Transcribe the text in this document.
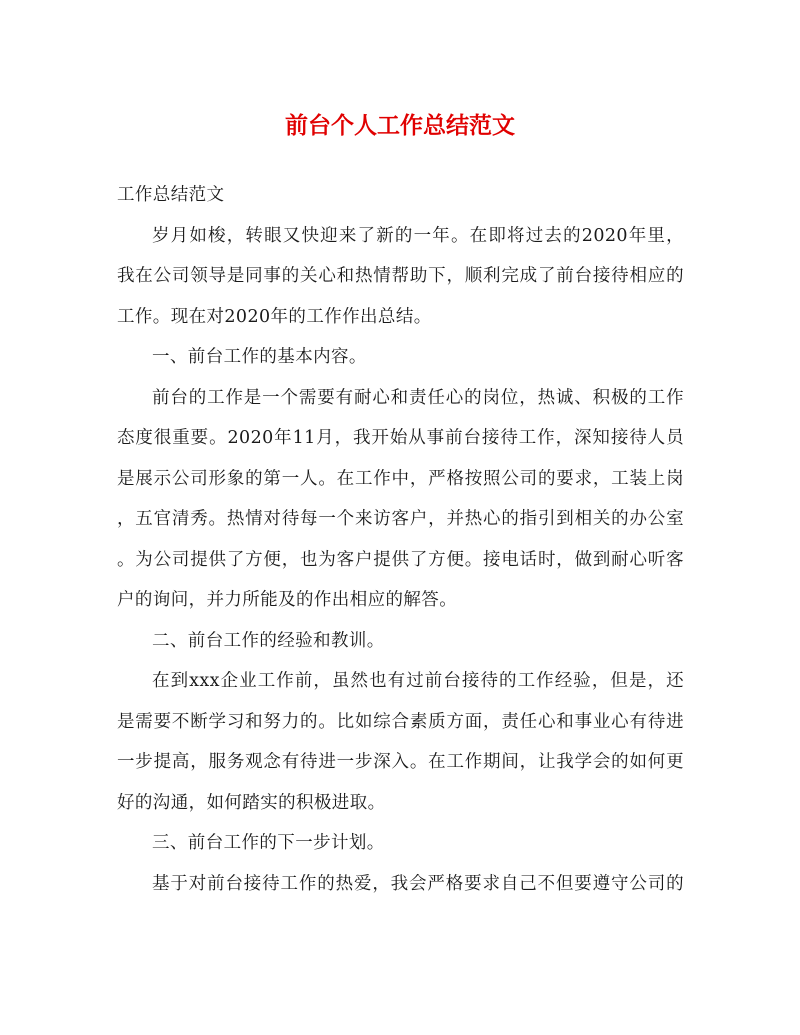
前台个人工作总结范文
工作总结范文
岁月如梭，转眼又快迎来了新的一年。在即将过去的2020年里，
我在公司领导是同事的关心和热情帮助下，顺利完成了前台接待相应的
工作。现在对2020年的工作作出总结。
一、前台工作的基本内容。
前台的工作是一个需要有耐心和责任心的岗位，热诚、积极的工作
态度很重要。2020年11月，我开始从事前台接待工作，深知接待人员
是展示公司形象的第一人。在工作中，严格按照公司的要求，工装上岗
，五官清秀。热情对待每一个来访客户，并热心的指引到相关的办公室
。为公司提供了方便，也为客户提供了方便。接电话时，做到耐心听客
户的询问，并力所能及的作出相应的解答。
二、前台工作的经验和教训。
在到xxx企业工作前，虽然也有过前台接待的工作经验，但是，还
是需要不断学习和努力的。比如综合素质方面，责任心和事业心有待进
一步提高，服务观念有待进一步深入。在工作期间，让我学会的如何更
好的沟通，如何踏实的积极进取。
三、前台工作的下一步计划。
基于对前台接待工作的热爱，我会严格要求自己不但要遵守公司的
